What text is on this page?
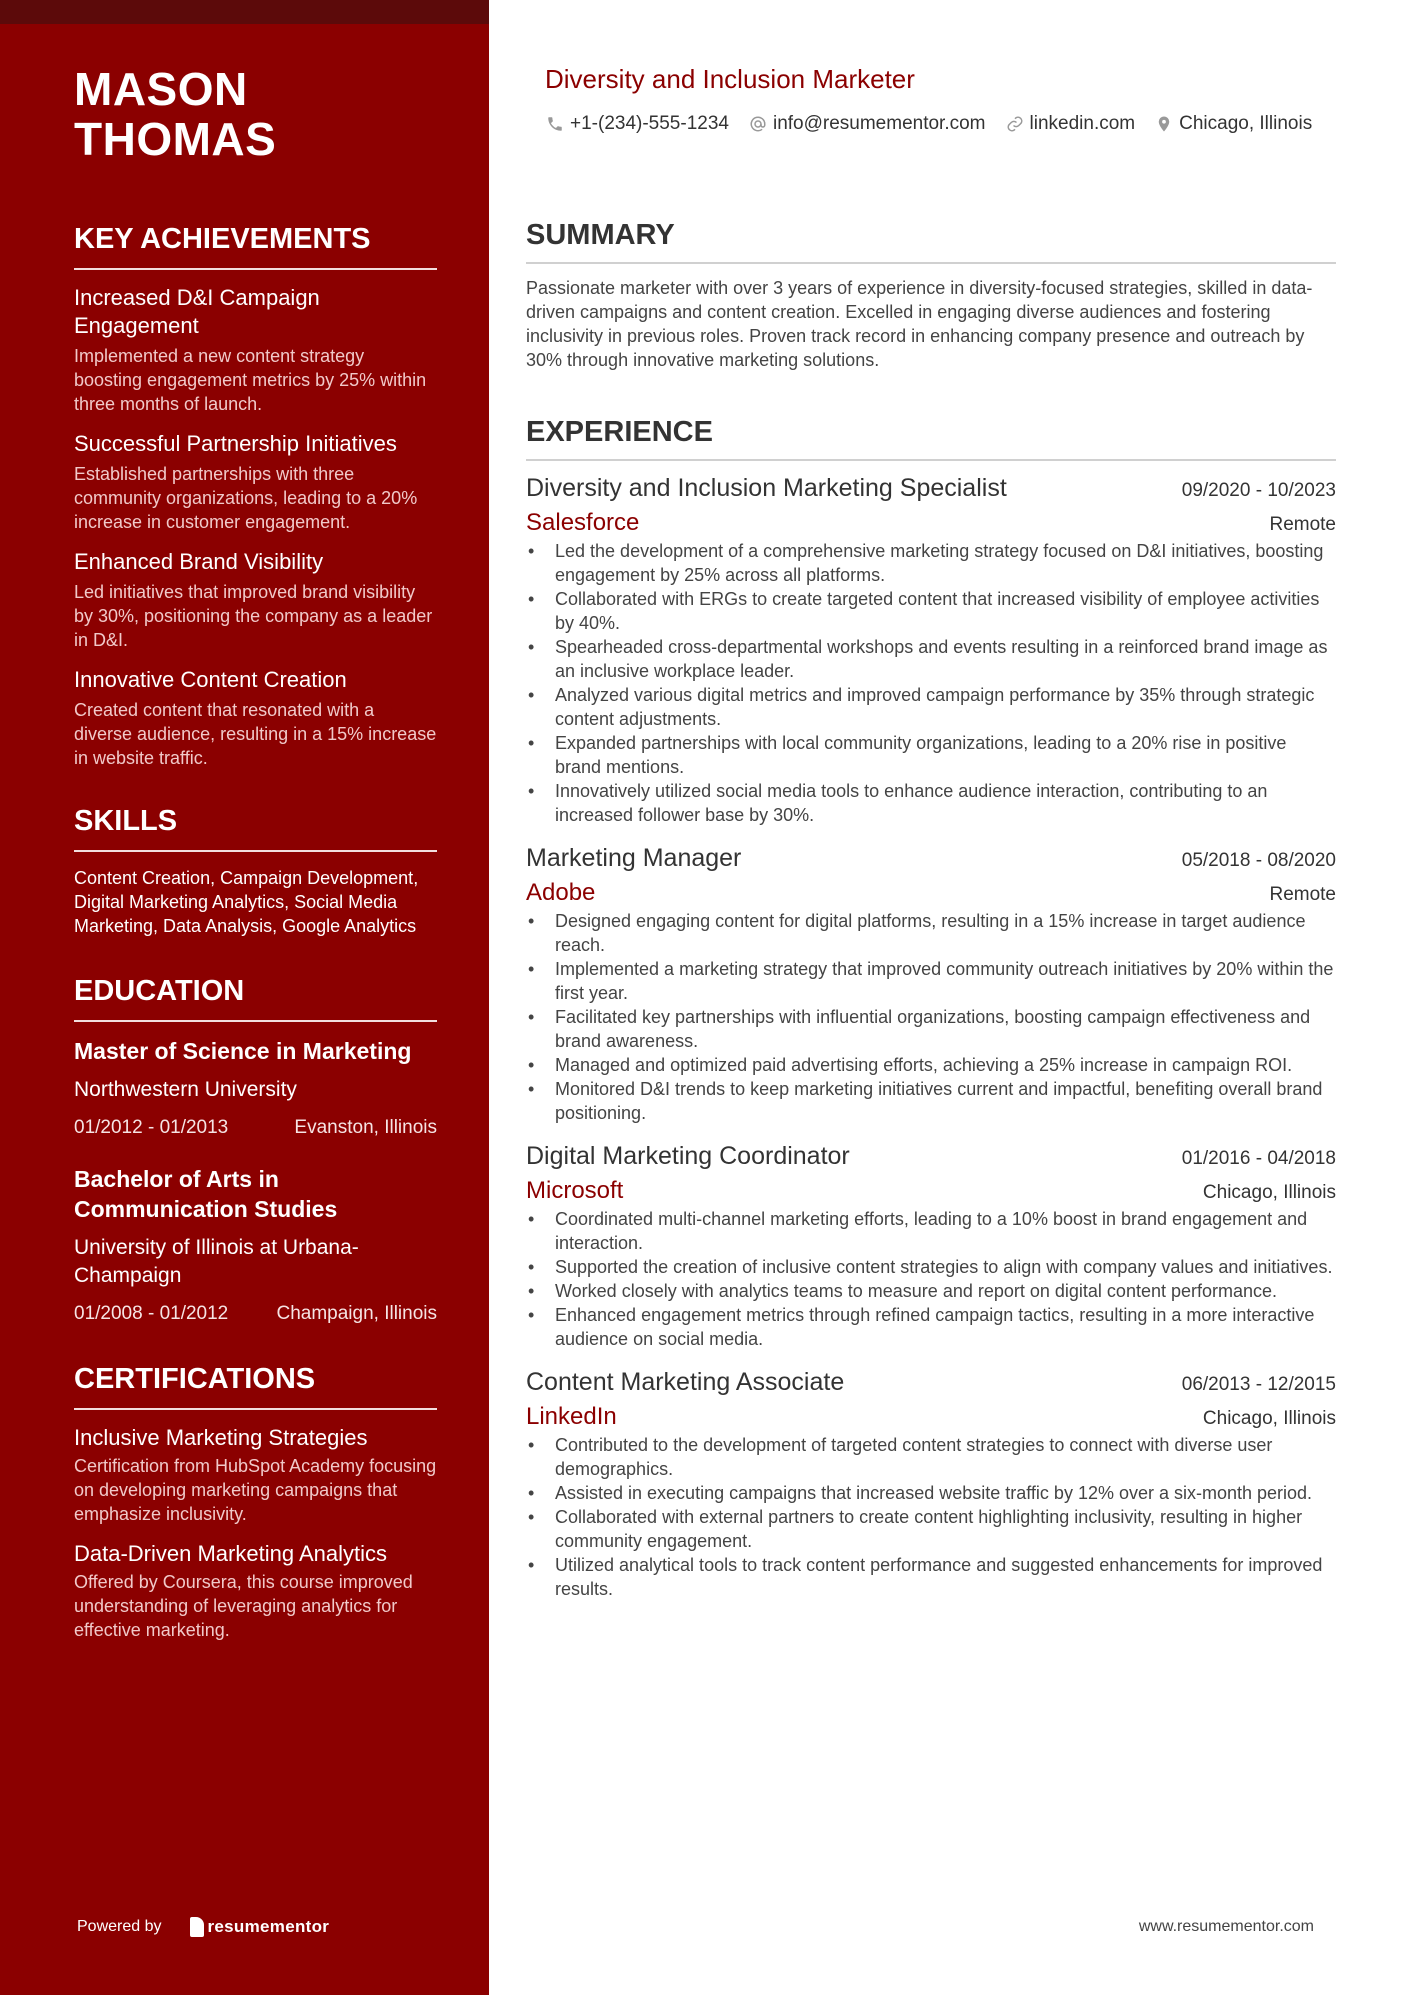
MASON
THOMAS
KEY ACHIEVEMENTS
Increased D&I Campaign Engagement
Implemented a new content strategy boosting engagement metrics by 25% within three months of launch.
Successful Partnership Initiatives
Established partnerships with three community organizations, leading to a 20% increase in customer engagement.
Enhanced Brand Visibility
Led initiatives that improved brand visibility by 30%, positioning the company as a leader in D&I.
Innovative Content Creation
Created content that resonated with a diverse audience, resulting in a 15% increase in website traffic.
SKILLS

Content Creation, Campaign Development, Digital Marketing Analytics, Social Media Marketing, Data Analysis, Google Analytics

EDUCATION
Master of Science in Marketing
Northwestern University
01/2012 - 01/2013	Evanston, Illinois
Bachelor of Arts in Communication Studies
University of Illinois at Urbana-Champaign
01/2008 - 01/2012	Champaign, Illinois
CERTIFICATIONS
Inclusive Marketing Strategies
Certification from HubSpot Academy focusing on developing marketing campaigns that emphasize inclusivity.
Data-Driven Marketing Analytics
Offered by Coursera, this course improved understanding of leveraging analytics for effective marketing.
Powered by	resumementor
Diversity and Inclusion Marketer
+1-(234)-555-1234 info@resumementor.com linkedin.com Chicago, Illinois
SUMMARY

Passionate marketer with over 3 years of experience in diversity-focused strategies, skilled in data-driven campaigns and content creation. Excelled in engaging diverse audiences and fostering inclusivity in previous roles. Proven track record in enhancing company presence and outreach by 30% through innovative marketing solutions.

EXPERIENCE
Diversity and Inclusion Marketing Specialist	09/2020 - 10/2023
Salesforce	Remote
• Led the development of a comprehensive marketing strategy focused on D&I initiatives, boosting engagement by 25% across all platforms.
• Collaborated with ERGs to create targeted content that increased visibility of employee activities by 40%.
• Spearheaded cross-departmental workshops and events resulting in a reinforced brand image as an inclusive workplace leader.
• Analyzed various digital metrics and improved campaign performance by 35% through strategic content adjustments.
• Expanded partnerships with local community organizations, leading to a 20% rise in positive brand mentions.
• Innovatively utilized social media tools to enhance audience interaction, contributing to an increased follower base by 30%.
Marketing Manager	05/2018 - 08/2020
Adobe	Remote
• Designed engaging content for digital platforms, resulting in a 15% increase in target audience reach.
• Implemented a marketing strategy that improved community outreach initiatives by 20% within the first year.
• Facilitated key partnerships with influential organizations, boosting campaign effectiveness and brand awareness.
• Managed and optimized paid advertising efforts, achieving a 25% increase in campaign ROI.
• Monitored D&I trends to keep marketing initiatives current and impactful, benefiting overall brand positioning.
Digital Marketing Coordinator	01/2016 - 04/2018
Microsoft	Chicago, Illinois
• Coordinated multi-channel marketing efforts, leading to a 10% boost in brand engagement and interaction.
• Supported the creation of inclusive content strategies to align with company values and initiatives.
• Worked closely with analytics teams to measure and report on digital content performance.
• Enhanced engagement metrics through refined campaign tactics, resulting in a more interactive audience on social media.
Content Marketing Associate	06/2013 - 12/2015
LinkedIn	Chicago, Illinois
• Contributed to the development of targeted content strategies to connect with diverse user demographics.
• Assisted in executing campaigns that increased website traffic by 12% over a six-month period.
• Collaborated with external partners to create content highlighting inclusivity, resulting in higher community engagement.
• Utilized analytical tools to track content performance and suggested enhancements for improved results.
www.resumementor.com
